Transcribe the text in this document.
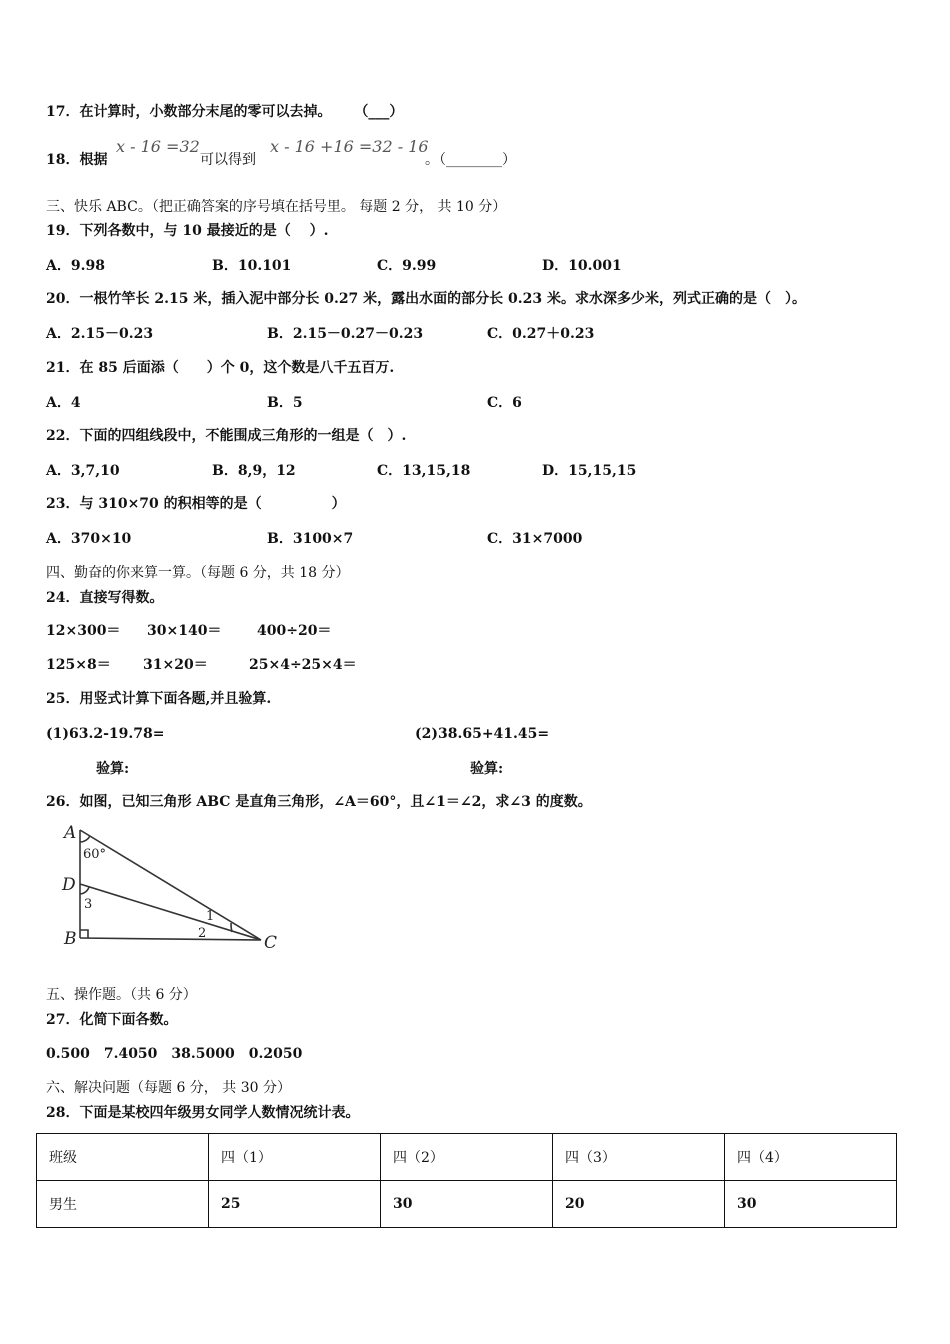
17．在计算时，小数部分末尾的零可以去掉。 （___）
18．根据
x - 16 =32
可以得到
x - 16 +16 =32 - 16
。（________）
三、快乐 ABC。（把正确答案的序号填在括号里。 每题 2 分， 共 10 分）
19．下列各数中，与 10 最接近的是（　 ）.
A．9.98	B．10.101	C．9.99	D．10.001
20．一根竹竿长 2.15 米，插入泥中部分长 0.27 米，露出水面的部分长 0.23 米。求水深多少米，列式正确的是（　）。
A．2.15－0.23	B．2.15－0.27－0.23	C．0.27＋0.23
21．在 85 后面添（　　）个 0，这个数是八千五百万.
A．4	B．5	C．6
22．下面的四组线段中，不能围成三角形的一组是（　）.
A．3,7,10	B．8,9，12	C．13,15,18	D．15,15,15
23．与 310×70 的积相等的是（　　　　　）
A．370×10	B．3100×7	C．31×7000
四、勤奋的你来算一算。（每题 6 分，共 18 分）
24．直接写得数。
12×300＝ 30×140＝	400÷20＝
125×8＝ 31×20＝	25×4÷25×4＝
25．用竖式计算下面各题,并且验算.
(1)63.2-19.78=	(2)38.65+41.45=
验算:	验算:
26．如图，已知三角形 ABC 是直角三角形，∠A＝60°，且∠1＝∠2，求∠3 的度数。
A
D
B	C
60°
3
1
2
五、操作题。（共 6 分）
27．化简下面各数。
0.500　7.4050　38.5000　0.2050
六、解决问题（每题 6 分， 共 30 分）
28．下面是某校四年级男女同学人数情况统计表。
班级	四（1）	四（2）	四（3）	四（4）
男生	25	30	20	30
